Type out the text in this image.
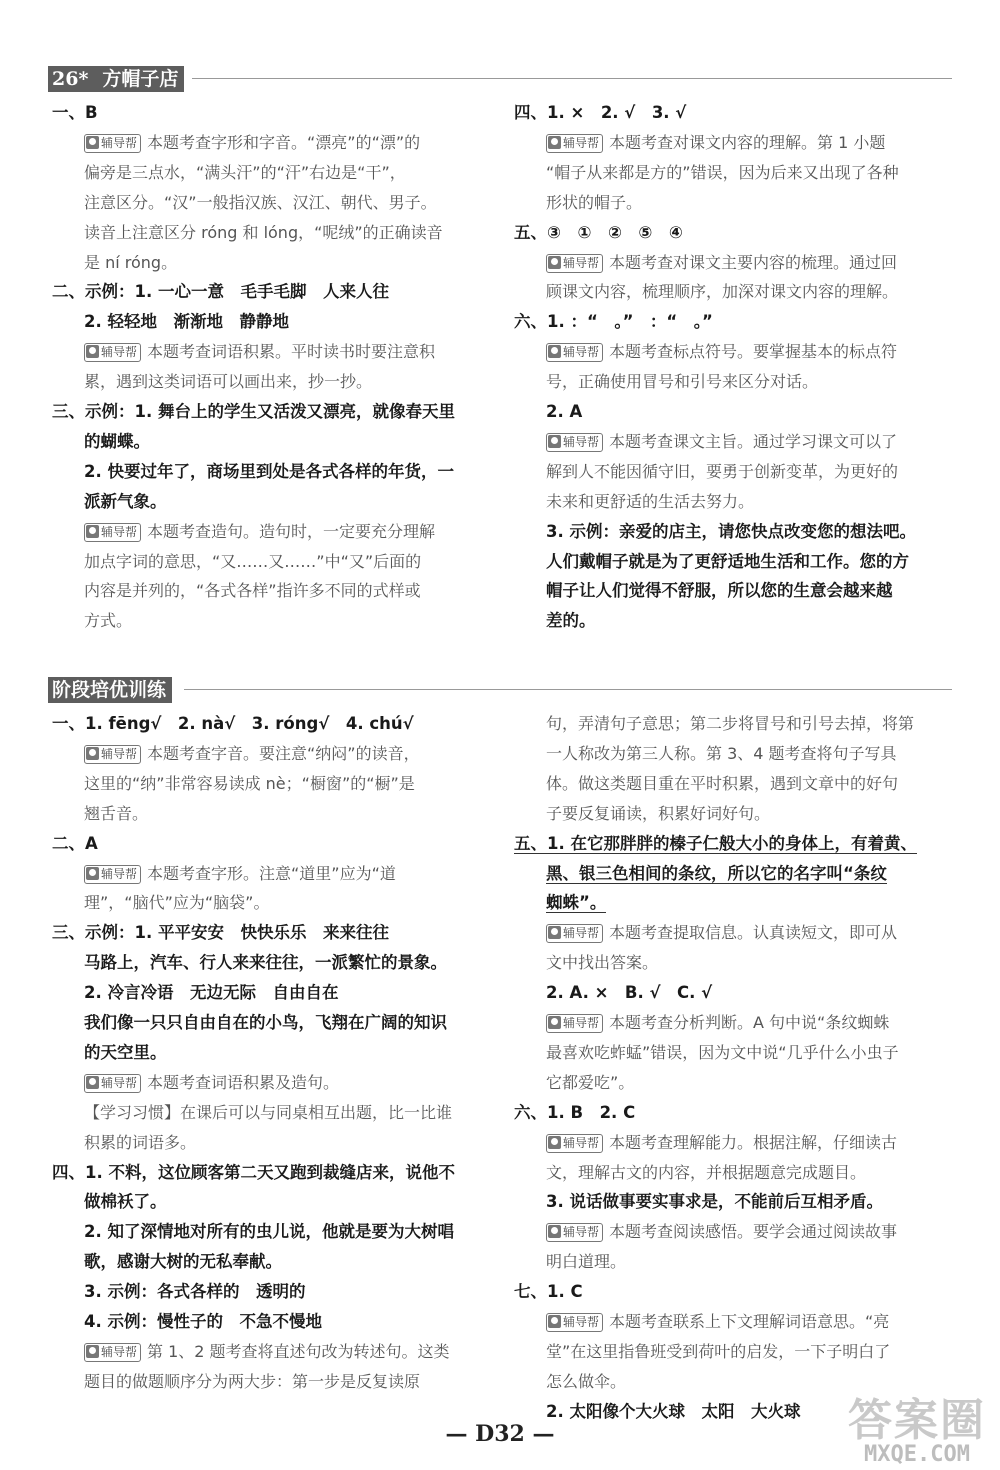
26* 方帽子店
一、B
辅导帮 本题考查字形和字音。“漂亮”的“漂”的
偏旁是三点水，“满头汗”的“汗”右边是“干”，
注意区分。“汉”一般指汉族、汉江、朝代、男子。
读音上注意区分 róng 和 lóng，“呢绒”的正确读音
是 ní róng。
二、示例：1. 一心一意　毛手毛脚　人来人往
2. 轻轻地　渐渐地　静静地
辅导帮 本题考查词语积累。平时读书时要注意积
累，遇到这类词语可以画出来，抄一抄。
三、示例：1. 舞台上的学生又活泼又漂亮，就像春天里
的蝴蝶。
2. 快要过年了，商场里到处是各式各样的年货，一
派新气象。
辅导帮 本题考查造句。造句时，一定要充分理解
加点字词的意思，“又……又……”中“又”后面的
内容是并列的，“各式各样”指许多不同的式样或
方式。
四、1. ×　2. √　3. √
辅导帮 本题考查对课文内容的理解。第 1 小题
“帽子从来都是方的”错误，因为后来又出现了各种
形状的帽子。
五、③　①　②　⑤　④
辅导帮 本题考查对课文主要内容的梳理。通过回
顾课文内容，梳理顺序，加深对课文内容的理解。
六、1. ：“　。”　：“　。”
辅导帮 本题考查标点符号。要掌握基本的标点符
号，正确使用冒号和引号来区分对话。
2. A
辅导帮 本题考查课文主旨。通过学习课文可以了
解到人不能因循守旧，要勇于创新变革，为更好的
未来和更舒适的生活去努力。
3. 示例：亲爱的店主，请您快点改变您的想法吧。
人们戴帽子就是为了更舒适地生活和工作。您的方
帽子让人们觉得不舒服，所以您的生意会越来越
差的。
阶段培优训练
一、1. fēng√　2. nà√　3. róng√　4. chú√
辅导帮 本题考查字音。要注意“纳闷”的读音，
这里的“纳”非常容易读成 nè；“橱窗”的“橱”是
翘舌音。
二、A
辅导帮 本题考查字形。注意“道里”应为“道
理”，“脑代”应为“脑袋”。
三、示例：1. 平平安安　快快乐乐　来来往往
马路上，汽车、行人来来往往，一派繁忙的景象。
2. 冷言冷语　无边无际　自由自在
我们像一只只自由自在的小鸟，飞翔在广阔的知识
的天空里。
辅导帮 本题考查词语积累及造句。
【学习习惯】在课后可以与同桌相互出题，比一比谁
积累的词语多。
四、1. 不料，这位顾客第二天又跑到裁缝店来，说他不
做棉袄了。
2. 知了深情地对所有的虫儿说，他就是要为大树唱
歌，感谢大树的无私奉献。
3. 示例：各式各样的　透明的
4. 示例：慢性子的　不急不慢地
辅导帮 第 1、2 题考查将直述句改为转述句。这类
题目的做题顺序分为两大步：第一步是反复读原
句，弄清句子意思；第二步将冒号和引号去掉，将第
一人称改为第三人称。第 3、4 题考查将句子写具
体。做这类题目重在平时积累，遇到文章中的好句
子要反复诵读，积累好词好句。
五、1. 在它那胖胖的榛子仁般大小的身体上，有着黄、
黑、银三色相间的条纹，所以它的名字叫“条纹
蜘蛛”。
辅导帮 本题考查提取信息。认真读短文，即可从
文中找出答案。
2. A. ×　B. √　C. √
辅导帮 本题考查分析判断。A 句中说“条纹蜘蛛
最喜欢吃蚱蜢”错误，因为文中说“几乎什么小虫子
它都爱吃”。
六、1. B　2. C
辅导帮 本题考查理解能力。根据注解，仔细读古
文，理解古文的内容，并根据题意完成题目。
3. 说话做事要实事求是，不能前后互相矛盾。
辅导帮 本题考查阅读感悟。要学会通过阅读故事
明白道理。
七、1. C
辅导帮 本题考查联系上下文理解词语意思。“亮
堂”在这里指鲁班受到荷叶的启发，一下子明白了
怎么做伞。
2. 太阳像个大火球　太阳　大火球
— D32 —	答案圈
MXQE.COM
